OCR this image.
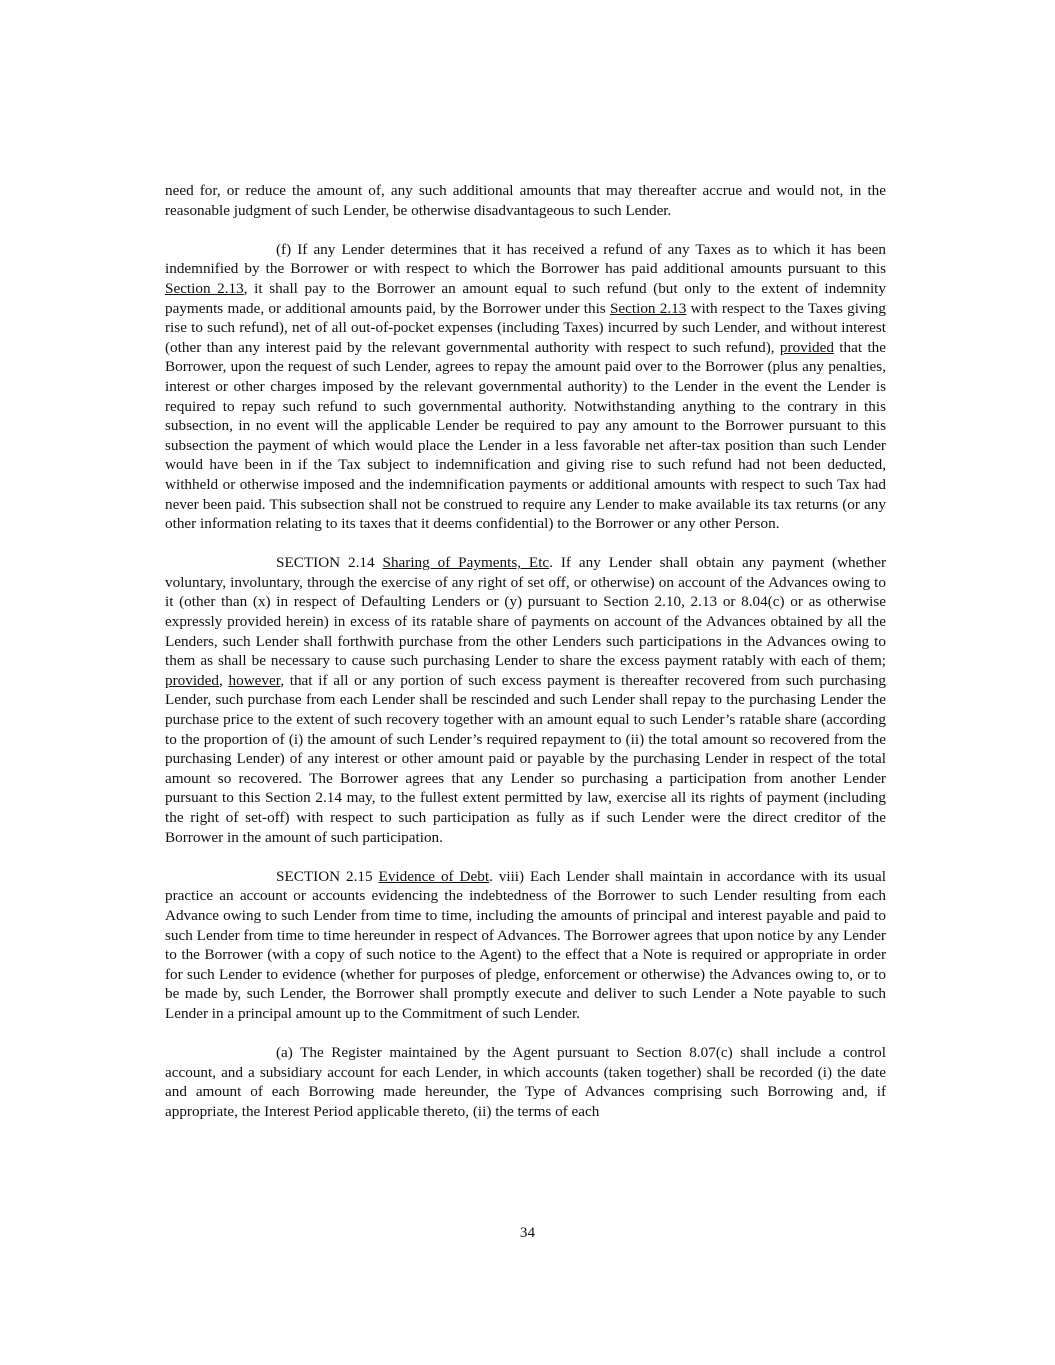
need for, or reduce the amount of, any such additional amounts that may thereafter accrue and would not, in the reasonable judgment of such Lender, be otherwise disadvantageous to such Lender.

(f) If any Lender determines that it has received a refund of any Taxes as to which it has been indemnified by the Borrower or with respect to which the Borrower has paid additional amounts pursuant to this Section 2.13, it shall pay to the Borrower an amount equal to such refund (but only to the extent of indemnity payments made, or additional amounts paid, by the Borrower under this Section 2.13 with respect to the Taxes giving rise to such refund), net of all out-of-pocket expenses (including Taxes) incurred by such Lender, and without interest (other than any interest paid by the relevant governmental authority with respect to such refund), provided that the Borrower, upon the request of such Lender, agrees to repay the amount paid over to the Borrower (plus any penalties, interest or other charges imposed by the relevant governmental authority) to the Lender in the event the Lender is required to repay such refund to such governmental authority. Notwithstanding anything to the contrary in this subsection, in no event will the applicable Lender be required to pay any amount to the Borrower pursuant to this subsection the payment of which would place the Lender in a less favorable net after-tax position than such Lender would have been in if the Tax subject to indemnification and giving rise to such refund had not been deducted, withheld or otherwise imposed and the indemnification payments or additional amounts with respect to such Tax had never been paid. This subsection shall not be construed to require any Lender to make available its tax returns (or any other information relating to its taxes that it deems confidential) to the Borrower or any other Person.

SECTION 2.14 Sharing of Payments, Etc. If any Lender shall obtain any payment (whether voluntary, involuntary, through the exercise of any right of set off, or otherwise) on account of the Advances owing to it (other than (x) in respect of Defaulting Lenders or (y) pursuant to Section 2.10, 2.13 or 8.04(c) or as otherwise expressly provided herein) in excess of its ratable share of payments on account of the Advances obtained by all the Lenders, such Lender shall forthwith purchase from the other Lenders such participations in the Advances owing to them as shall be necessary to cause such purchasing Lender to share the excess payment ratably with each of them; provided, however, that if all or any portion of such excess payment is thereafter recovered from such purchasing Lender, such purchase from each Lender shall be rescinded and such Lender shall repay to the purchasing Lender the purchase price to the extent of such recovery together with an amount equal to such Lender’s ratable share (according to the proportion of (i) the amount of such Lender’s required repayment to (ii) the total amount so recovered from the purchasing Lender) of any interest or other amount paid or payable by the purchasing Lender in respect of the total amount so recovered. The Borrower agrees that any Lender so purchasing a participation from another Lender pursuant to this Section 2.14 may, to the fullest extent permitted by law, exercise all its rights of payment (including the right of set-off) with respect to such participation as fully as if such Lender were the direct creditor of the Borrower in the amount of such participation.

SECTION 2.15 Evidence of Debt. viii) Each Lender shall maintain in accordance with its usual practice an account or accounts evidencing the indebtedness of the Borrower to such Lender resulting from each Advance owing to such Lender from time to time, including the amounts of principal and interest payable and paid to such Lender from time to time hereunder in respect of Advances. The Borrower agrees that upon notice by any Lender to the Borrower (with a copy of such notice to the Agent) to the effect that a Note is required or appropriate in order for such Lender to evidence (whether for purposes of pledge, enforcement or otherwise) the Advances owing to, or to be made by, such Lender, the Borrower shall promptly execute and deliver to such Lender a Note payable to such Lender in a principal amount up to the Commitment of such Lender.

(a) The Register maintained by the Agent pursuant to Section 8.07(c) shall include a control account, and a subsidiary account for each Lender, in which accounts (taken together) shall be recorded (i) the date and amount of each Borrowing made hereunder, the Type of Advances comprising such Borrowing and, if appropriate, the Interest Period applicable thereto, (ii) the terms of each

34
